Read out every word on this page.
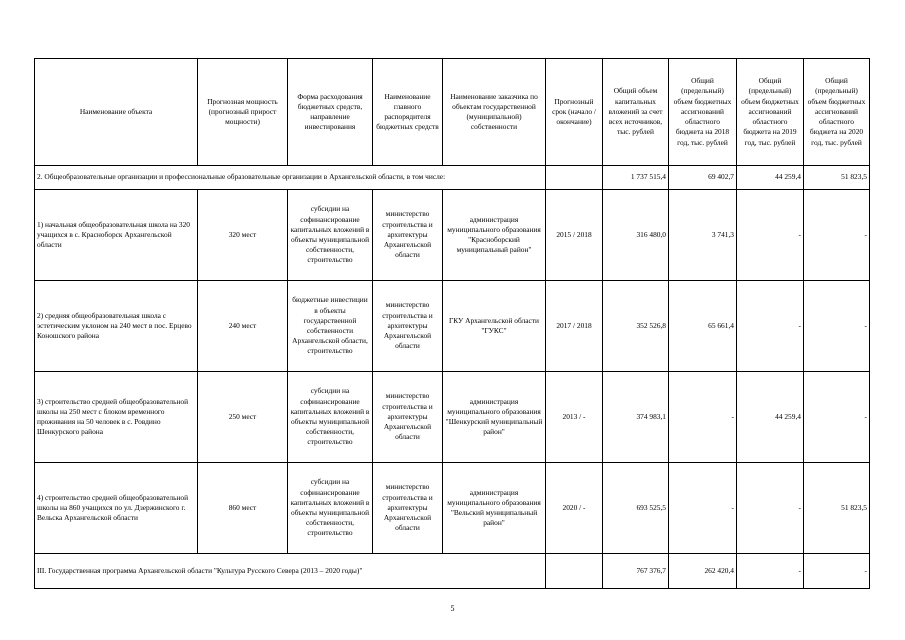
Наименование объекта	Прогнозная мощность (прогнозный прирост мощности)	Форма расходования бюджетных средств, направление инвестирования	Наименование главного распорядителя бюджетных средств	Наименование заказчика по объектам государственной (муниципальной) собственности	Прогнозный срок (начало / окончание)	Общий объем капитальных вложений за счет всех источников, тыс. рублей	Общий (предельный) объем бюджетных ассигнований областного бюджета на 2018 год, тыс. рублей	Общий (предельный) объем бюджетных ассигнований областного бюджета на 2019 год, тыс. рублей	Общий (предельный) объем бюджетных ассигнований областного бюджета на 2020 год, тыс. рублей
2. Общеобразовательные организации и профессиональные образовательные организации в Архангельской области, в том числе:						1 737 515,4	69 402,7	44 259,4	51 823,5
1) начальная общеобразовательная школа на 320 учащихся в с. Красноборск Архангельской области	320 мест	субсидии на софинансирование капитальных вложений в объекты муниципальной собственности, строительство	министерство строительства и архитектуры Архангельской области	администрация муниципального образования "Красноборский муниципальный район"	2015 / 2018	316 480,0	3 741,3	-	-
2) средняя общеобразовательная школа с эстетическим уклоном на 240 мест в пос. Ерцево Коношского района	240 мест	бюджетные инвестиции в объекты государственной собственности Архангельской области, строительство	министерство строительства и архитектуры Архангельской области	ГКУ Архангельской области "ГУКС"	2017 / 2018	352 526,8	65 661,4	-	-
3) строительство средней общеобразовательной школы на 250 мест с блоком временного проживания на 50 человек в с. Ровдино Шенкурского района	250 мест	субсидии на софинансирование капитальных вложений в объекты муниципальной собственности, строительство	министерство строительства и архитектуры Архангельской области	администрация муниципального образования "Шенкурский муниципальный район"	2013 / -	374 983,1	-	44 259,4	-
4) строительство средней общеобразовательной школы на 860 учащихся по ул. Дзержинского г. Вельска Архангельской области	860 мест	субсидии на софинансирование капитальных вложений в объекты муниципальной собственности, строительство	министерство строительства и архитектуры Архангельской области	администрация муниципального образования "Вельский муниципальный район"	2020 / -	693 525,5	-	-	51 823,5
III. Государственная программа Архангельской области "Культура Русского Севера (2013 – 2020 годы)"						767 376,7	262 420,4	-	-
5
